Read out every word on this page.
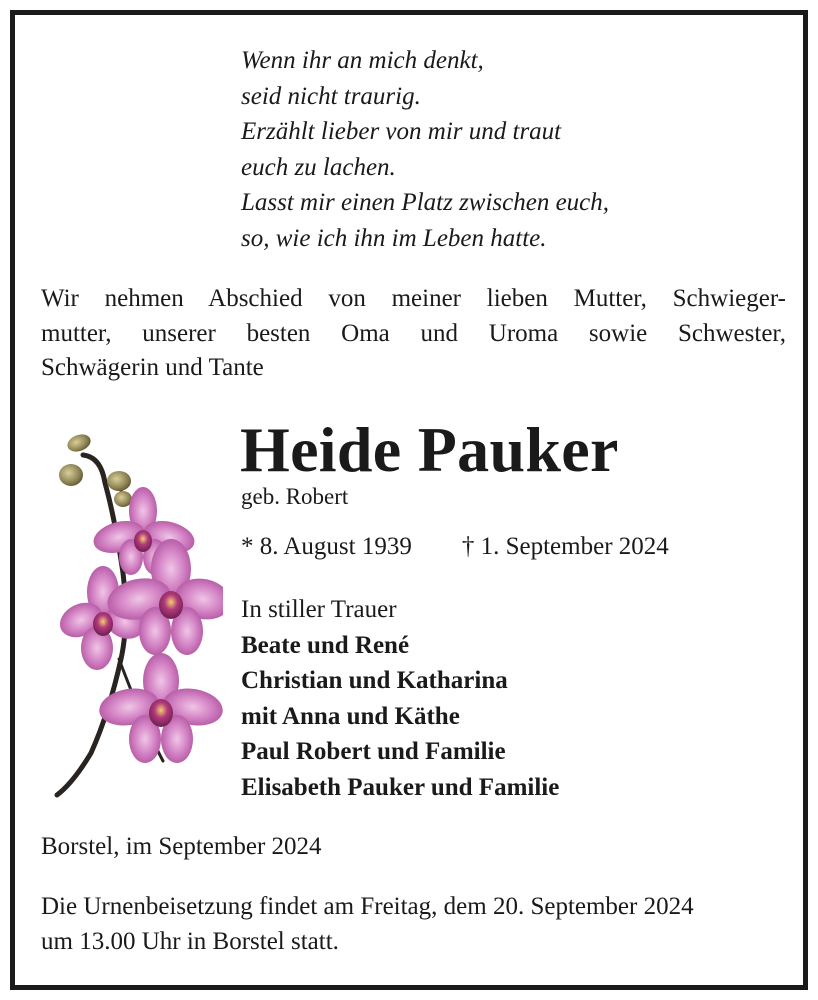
Wenn ihr an mich denkt,
seid nicht traurig.
Erzählt lieber von mir und traut
euch zu lachen.
Lasst mir einen Platz zwischen euch,
so, wie ich ihn im Leben hatte.
Wir nehmen Abschied von meiner lieben Mutter, Schwieger-
mutter, unserer besten Oma und Uroma sowie Schwester,
Schwägerin und Tante
Heide Pauker
geb. Robert
* 8. August 1939 † 1. September 2024
In stiller Trauer
Beate und René
Christian und Katharina
mit Anna und Käthe
Paul Robert und Familie
Elisabeth Pauker und Familie
Borstel, im September 2024
Die Urnenbeisetzung findet am Freitag, dem 20. September 2024
um 13.00 Uhr in Borstel statt.
